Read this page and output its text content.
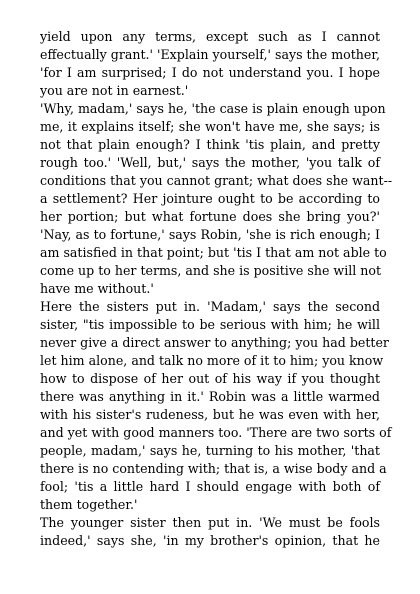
yield upon any terms, except such as I cannot
effectually grant.' 'Explain yourself,' says the mother,
'for I am surprised; I do not understand you. I hope
you are not in earnest.'
'Why, madam,' says he, 'the case is plain enough upon
me, it explains itself; she won't have me, she says; is
not that plain enough? I think 'tis plain, and pretty
rough too.' 'Well, but,' says the mother, 'you talk of
conditions that you cannot grant; what does she want--
a settlement? Her jointure ought to be according to
her portion; but what fortune does she bring you?'
'Nay, as to fortune,' says Robin, 'she is rich enough; I
am satisfied in that point; but 'tis I that am not able to
come up to her terms, and she is positive she will not
have me without.'
Here the sisters put in. 'Madam,' says the second
sister, "tis impossible to be serious with him; he will
never give a direct answer to anything; you had better
let him alone, and talk no more of it to him; you know
how to dispose of her out of his way if you thought
there was anything in it.' Robin was a little warmed
with his sister's rudeness, but he was even with her,
and yet with good manners too. 'There are two sorts of
people, madam,' says he, turning to his mother, 'that
there is no contending with; that is, a wise body and a
fool; 'tis a little hard I should engage with both of
them together.'
The younger sister then put in. 'We must be fools
indeed,' says she, 'in my brother's opinion, that he
